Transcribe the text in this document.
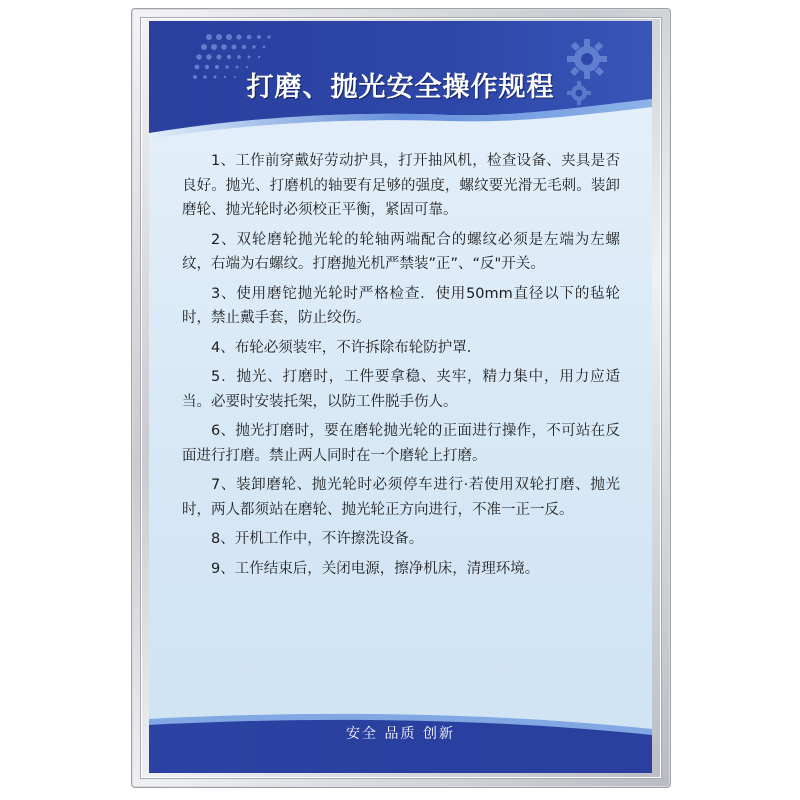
打磨、抛光安全操作规程

1、工作前穿戴好劳动护具，打开抽风机，检查设备、夹具是否良好。抛光、打磨机的轴要有足够的强度，螺纹要光滑无毛刺。装卸磨轮、抛光轮时必须校正平衡，紧固可靠。

2、双轮磨轮抛光轮的轮轴两端配合的螺纹必须是左端为左螺纹，右端为右螺纹。打磨抛光机严禁装”正”、“反"开关。

3、使用磨铊抛光轮时严格检查．使用50mm直径以下的毡轮时，禁止戴手套，防止绞伤。

4、布轮必须装牢，不许拆除布轮防护罩．

5．抛光、打磨时，工件要拿稳、夹牢，精力集中，用力应适当。必要时安装托架，以防工件脱手伤人。

6、抛光打磨时，要在磨轮抛光轮的正面进行操作，不可站在反面进行打磨。禁止两人同时在一个磨轮上打磨。

7、装卸磨轮、抛光轮时必须停车进行·若使用双轮打磨、抛光时，两人都须站在磨轮、抛光轮正方向进行，不准一正一反。

8、开机工作中，不许擦洗设备。

9、工作结束后，关闭电源，擦净机床，清理环境。

安全 品质 创新
